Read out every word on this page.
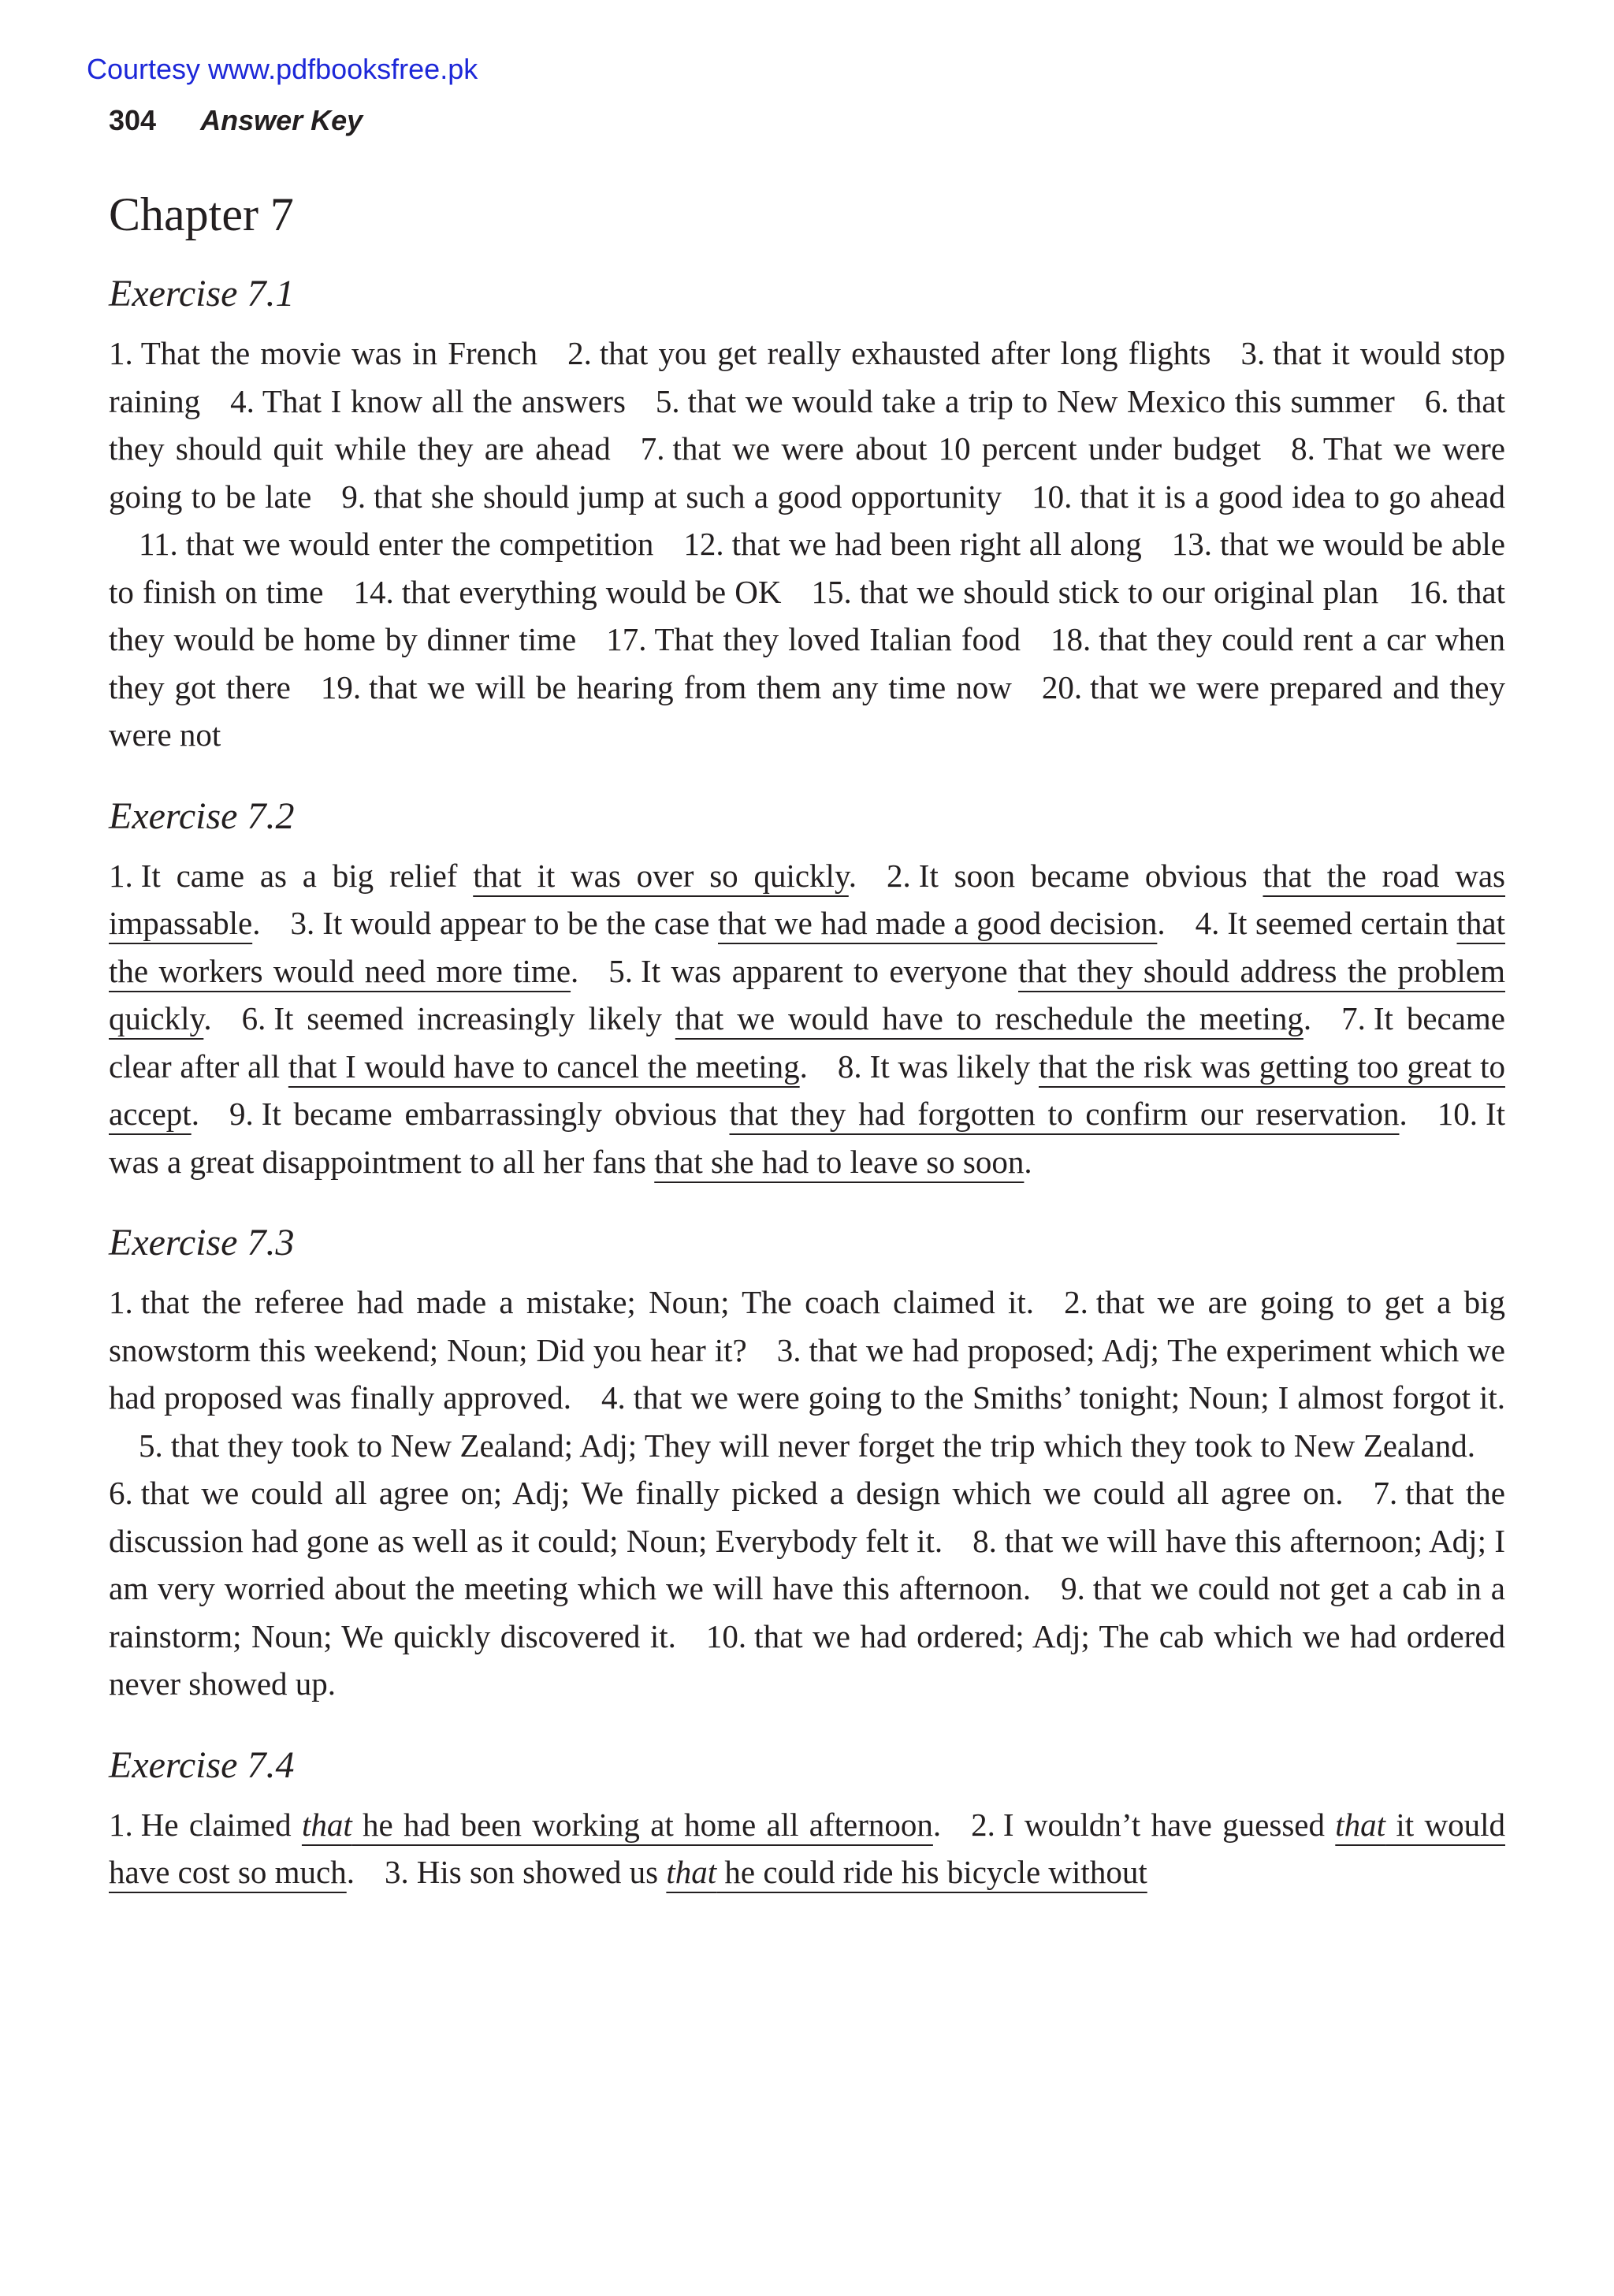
Courtesy www.pdfbooksfree.pk
304 Answer Key
Chapter 7
Exercise 7.1

1. That the movie was in French 2. that you get really exhausted after long flights 3. that it would stop raining 4. That I know all the answers 5. that we would take a trip to New Mexico this summer 6. that they should quit while they are ahead 7. that we were about 10 percent under budget 8. That we were going to be late 9. that she should jump at such a good opportunity 10. that it is a good idea to go ahead11. that we would enter the competition 12. that we had been right all along 13. that we would be able to finish on time 14. that everything would be OK 15. that we should stick to our original plan 16. that they would be home by dinner time 17. That they loved Italian food 18. that they could rent a car when they got there 19. that we will be hearing from them any time now 20. that we were prepared and they were not

Exercise 7.2

1. It came as a big relief that it was over so quickly. 2. It soon became obvious that the road was impassable. 3. It would appear to be the case that we had made a good decision. 4. It seemed certain that the workers would need more time. 5. It was apparent to everyone that they should address the problem quickly. 6. It seemed increasingly likely that we would have to reschedule the meeting. 7. It became clear after all that I would have to cancel the meeting. 8. It was likely that the risk was getting too great to accept. 9. It became embarrassingly obvious that they had forgotten to confirm our reservation. 10. It was a great disappointment to all her fans that she had to leave so soon.

Exercise 7.3

1. that the referee had made a mistake; Noun; The coach claimed it. 2. that we are going to get a big snowstorm this weekend; Noun; Did you hear it? 3. that we had proposed; Adj; The experiment which we had proposed was finally approved. 4. that we were going to the Smiths’ tonight; Noun; I almost forgot it.5. that they took to New Zealand; Adj; They will never forget the trip which they took to New Zealand.6. that we could all agree on; Adj; We finally picked a design which we could all agree on. 7. that the discussion had gone as well as it could; Noun; Everybody felt it. 8. that we will have this afternoon; Adj; I am very worried about the meeting which we will have this afternoon. 9. that we could not get a cab in a rainstorm; Noun; We quickly discovered it. 10. that we had ordered; Adj; The cab which we had ordered never showed up.

Exercise 7.4

1. He claimed that he had been working at home all afternoon. 2. I wouldn’t have guessed that it would have cost so much. 3. His son showed us that he could ride his bicycle without
